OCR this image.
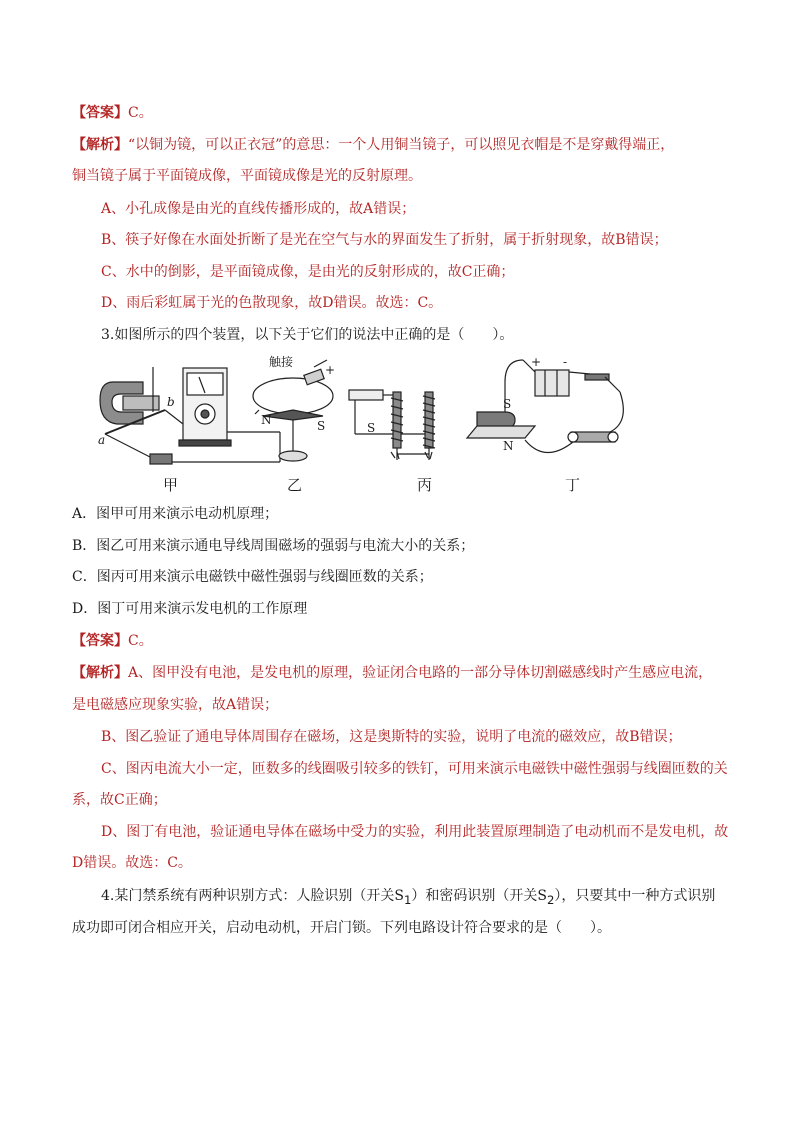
【答案】C。
【解析】“以铜为镜，可以正衣冠”的意思：一个人用铜当镜子，可以照见衣帽是不是穿戴得端正，
铜当镜子属于平面镜成像，平面镜成像是光的反射原理。
A、小孔成像是由光的直线传播形成的，故A错误；
B、筷子好像在水面处折断了是光在空气与水的界面发生了折射，属于折射现象，故B错误；
C、水中的倒影，是平面镜成像，是由光的反射形成的，故C正确；
D、雨后彩虹属于光的色散现象，故D错误。故选：C。
3.如图所示的四个装置，以下关于它们的说法中正确的是（　　）。
a
b
触接
+
N	S	S
+ -
S
N
甲	乙	丙	丁
A．图甲可用来演示电动机原理；
B．图乙可用来演示通电导线周围磁场的强弱与电流大小的关系；
C．图丙可用来演示电磁铁中磁性强弱与线圈匝数的关系；
D．图丁可用来演示发电机的工作原理
【答案】C。
【解析】A、图甲没有电池，是发电机的原理，验证闭合电路的一部分导体切割磁感线时产生感应电流，
是电磁感应现象实验，故A错误；
B、图乙验证了通电导体周围存在磁场，这是奥斯特的实验，说明了电流的磁效应，故B错误；
C、图丙电流大小一定，匝数多的线圈吸引较多的铁钉，可用来演示电磁铁中磁性强弱与线圈匝数的关
系，故C正确；
D、图丁有电池，验证通电导体在磁场中受力的实验，利用此装置原理制造了电动机而不是发电机，故
D错误。故选：C。
4.某门禁系统有两种识别方式：人脸识别（开关$S_1$）和密码识别（开关$S_2$），只要其中一种方式识别
成功即可闭合相应开关，启动电动机，开启门锁。下列电路设计符合要求的是（　　）。
